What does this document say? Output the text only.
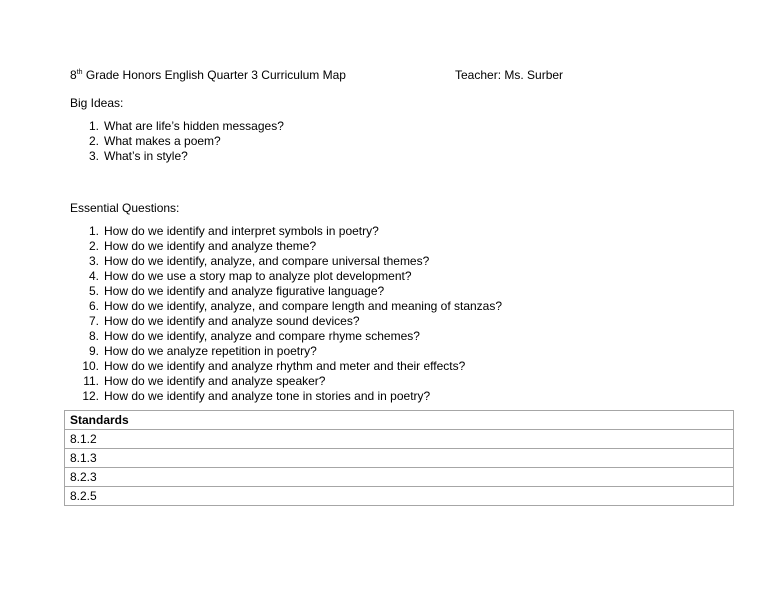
8th Grade Honors English Quarter 3 Curriculum Map	Teacher: Ms. Surber
Big Ideas:
1. What are life’s hidden messages?
2. What makes a poem?
3. What’s in style?
Essential Questions:
1. How do we identify and interpret symbols in poetry?
2. How do we identify and analyze theme?
3. How do we identify, analyze, and compare universal themes?
4. How do we use a story map to analyze plot development?
5. How do we identify and analyze figurative language?
6. How do we identify, analyze, and compare length and meaning of stanzas?
7. How do we identify and analyze sound devices?
8. How do we identify, analyze and compare rhyme schemes?
9. How do we analyze repetition in poetry?
10. How do we identify and analyze rhythm and meter and their effects?
11. How do we identify and analyze speaker?
12. How do we identify and analyze tone in stories and in poetry?
Standards
8.1.2
8.1.3
8.2.3
8.2.5
